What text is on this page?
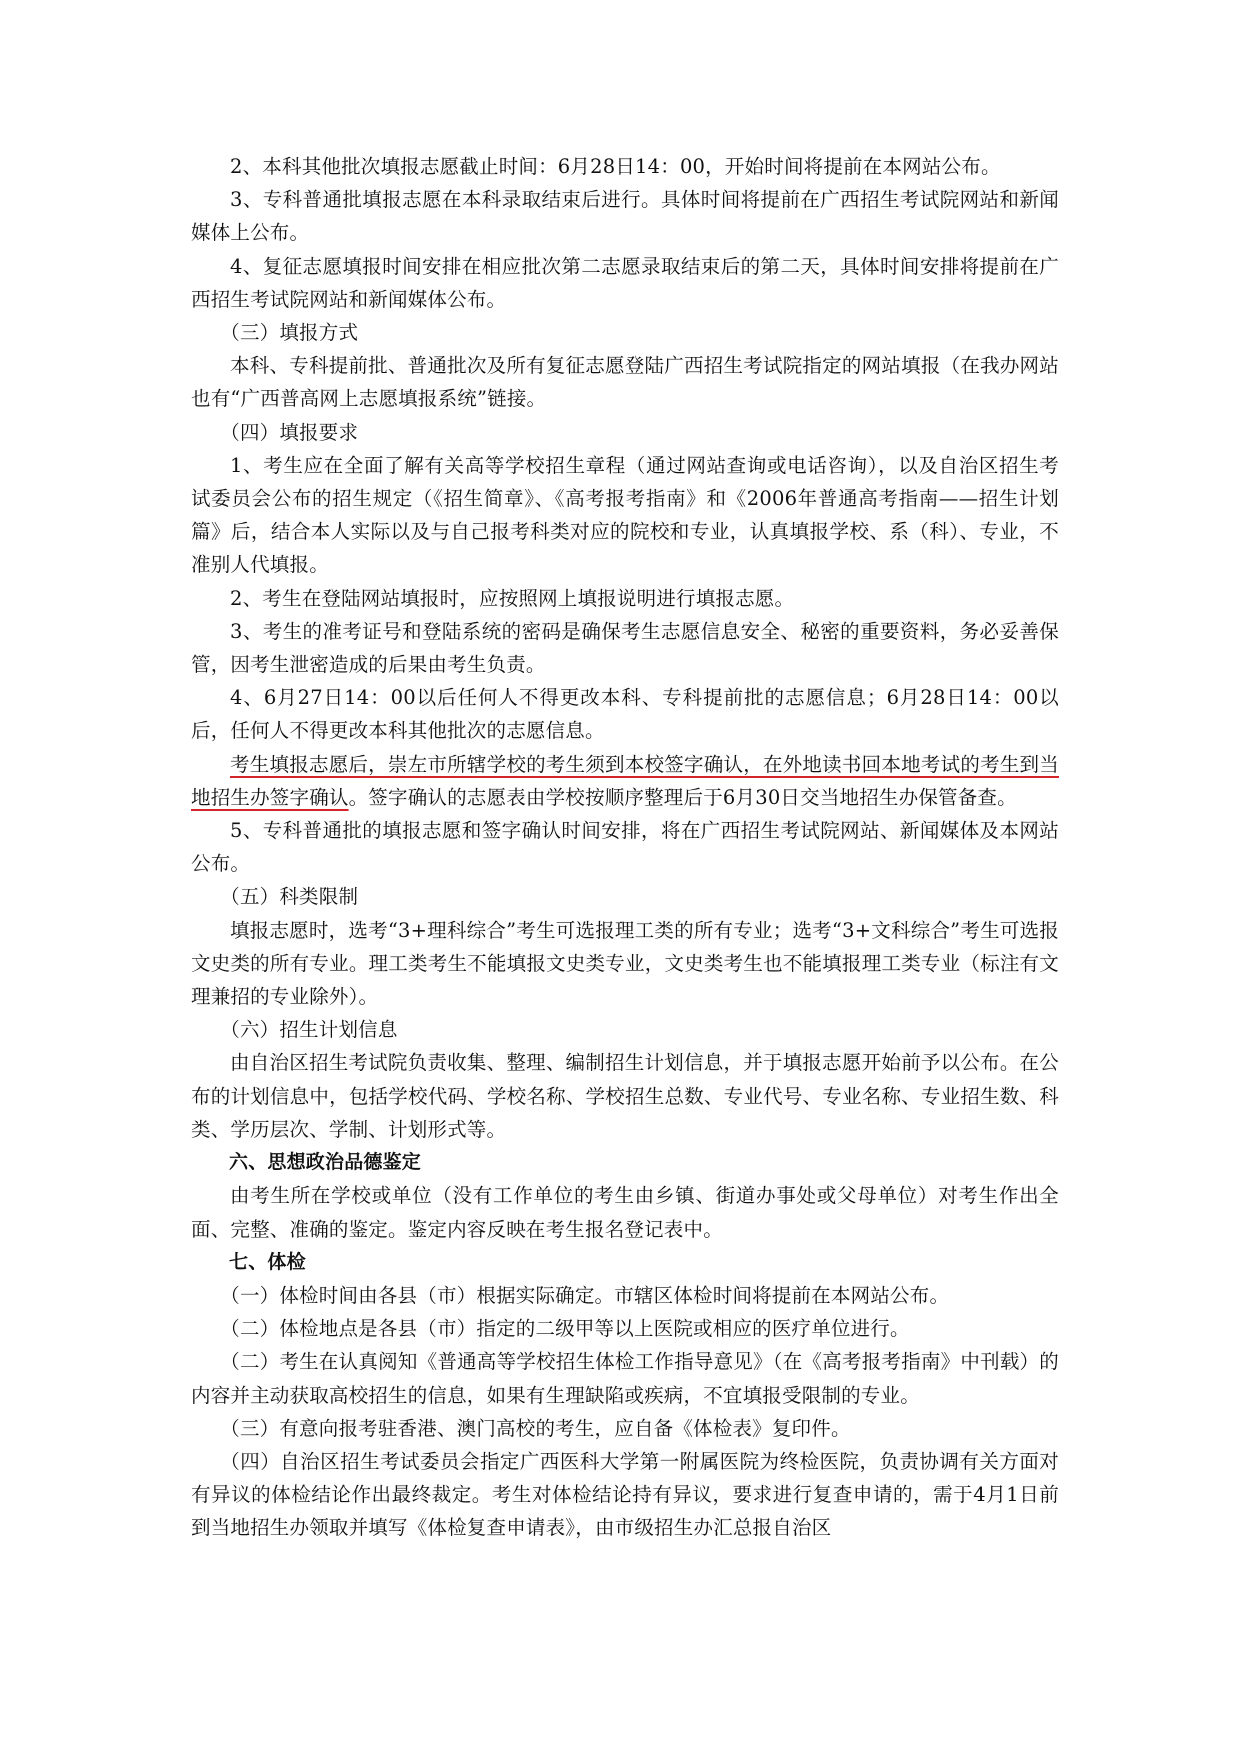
2、本科其他批次填报志愿截止时间：6月28日14：00，开始时间将提前在本网站公布。

3、专科普通批填报志愿在本科录取结束后进行。具体时间将提前在广西招生考试院网站和新闻媒体上公布。

4、复征志愿填报时间安排在相应批次第二志愿录取结束后的第二天，具体时间安排将提前在广西招生考试院网站和新闻媒体公布。

（三）填报方式

本科、专科提前批、普通批次及所有复征志愿登陆广西招生考试院指定的网站填报（在我办网站也有“广西普高网上志愿填报系统”链接。

（四）填报要求

1、考生应在全面了解有关高等学校招生章程（通过网站查询或电话咨询），以及自治区招生考试委员会公布的招生规定（《招生简章》、《高考报考指南》和《2006年普通高考指南——招生计划篇》后，结合本人实际以及与自己报考科类对应的院校和专业，认真填报学校、系（科）、专业，不准别人代填报。

2、考生在登陆网站填报时，应按照网上填报说明进行填报志愿。

3、考生的准考证号和登陆系统的密码是确保考生志愿信息安全、秘密的重要资料，务必妥善保管，因考生泄密造成的后果由考生负责。

4、6月27日14：00以后任何人不得更改本科、专科提前批的志愿信息；6月28日14：00以后，任何人不得更改本科其他批次的志愿信息。

考生填报志愿后，崇左市所辖学校的考生须到本校签字确认，在外地读书回本地考试的考生到当地招生办签字确认。签字确认的志愿表由学校按顺序整理后于6月30日交当地招生办保管备查。

5、专科普通批的填报志愿和签字确认时间安排，将在广西招生考试院网站、新闻媒体及本网站公布。

（五）科类限制

填报志愿时，选考“3+理科综合”考生可选报理工类的所有专业；选考“3+文科综合”考生可选报文史类的所有专业。理工类考生不能填报文史类专业，文史类考生也不能填报理工类专业（标注有文理兼招的专业除外）。

（六）招生计划信息

由自治区招生考试院负责收集、整理、编制招生计划信息，并于填报志愿开始前予以公布。在公布的计划信息中，包括学校代码、学校名称、学校招生总数、专业代号、专业名称、专业招生数、科类、学历层次、学制、计划形式等。

六、思想政治品德鉴定

由考生所在学校或单位（没有工作单位的考生由乡镇、街道办事处或父母单位）对考生作出全面、完整、准确的鉴定。鉴定内容反映在考生报名登记表中。

七、体检

（一）体检时间由各县（市）根据实际确定。市辖区体检时间将提前在本网站公布。

（二）体检地点是各县（市）指定的二级甲等以上医院或相应的医疗单位进行。

（二）考生在认真阅知《普通高等学校招生体检工作指导意见》（在《高考报考指南》中刊载）的内容并主动获取高校招生的信息，如果有生理缺陷或疾病，不宜填报受限制的专业。

（三）有意向报考驻香港、澳门高校的考生，应自备《体检表》复印件。

（四）自治区招生考试委员会指定广西医科大学第一附属医院为终检医院，负责协调有关方面对有异议的体检结论作出最终裁定。考生对体检结论持有异议，要求进行复查申请的，需于4月1日前到当地招生办领取并填写《体检复查申请表》，由市级招生办汇总报自治区
